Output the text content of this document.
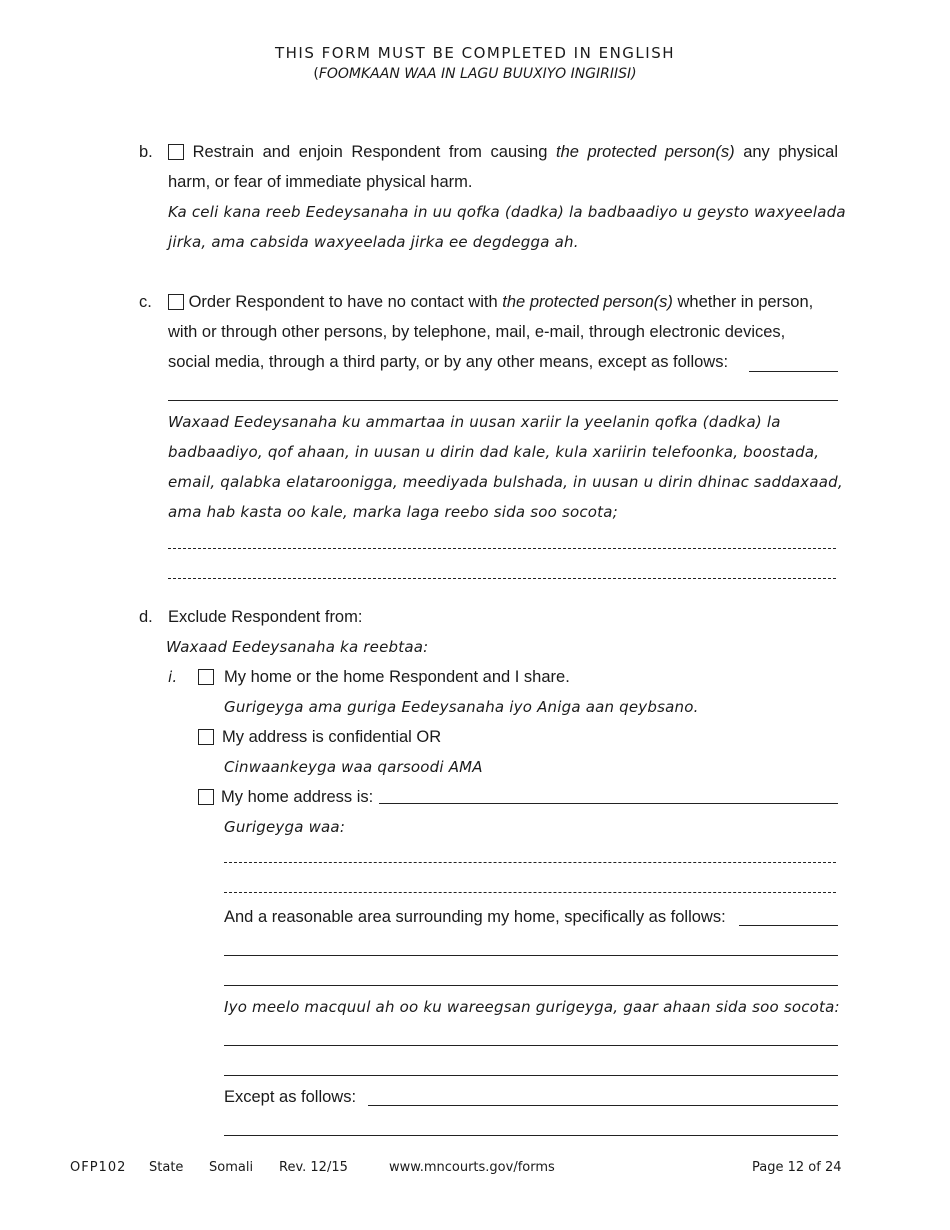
THIS FORM MUST BE COMPLETED IN ENGLISH
(FOOMKAAN WAA IN LAGU BUUXIYO INGIRIISI)
b.	Restrain and enjoin Respondent from causing the protected person(s) any physical
harm, or fear of immediate physical harm.
Ka celi kana reeb Eedeysanaha in uu qofka (dadka) la badbaadiyo u geysto waxyeelada
jirka, ama cabsida waxyeelada jirka ee degdegga ah.
c.	Order Respondent to have no contact with the protected person(s) whether in person,
with or through other persons, by telephone, mail, e-mail, through electronic devices,
social media, through a third party, or by any other means, except as follows:
Waxaad Eedeysanaha ku ammartaa in uusan xariir la yeelanin qofka (dadka) la
badbaadiyo, qof ahaan, in uusan u dirin dad kale, kula xariirin telefoonka, boostada,
email, qalabka elataroonigga, meediyada bulshada, in uusan u dirin dhinac saddaxaad,
ama hab kasta oo kale, marka laga reebo sida soo socota;
d. Exclude Respondent from:
Waxaad Eedeysanaha ka reebtaa:
i.	My home or the home Respondent and I share.
Gurigeyga ama guriga Eedeysanaha iyo Aniga aan qeybsano.
My address is confidential OR
Cinwaankeyga waa qarsoodi AMA
My home address is:
Gurigeyga waa:
And a reasonable area surrounding my home, specifically as follows:
Iyo meelo macquul ah oo ku wareegsan gurigeyga, gaar ahaan sida soo socota:
Except as follows:
OFP102 State Somali Rev. 12/15	www.mncourts.gov/forms	Page 12 of 24
